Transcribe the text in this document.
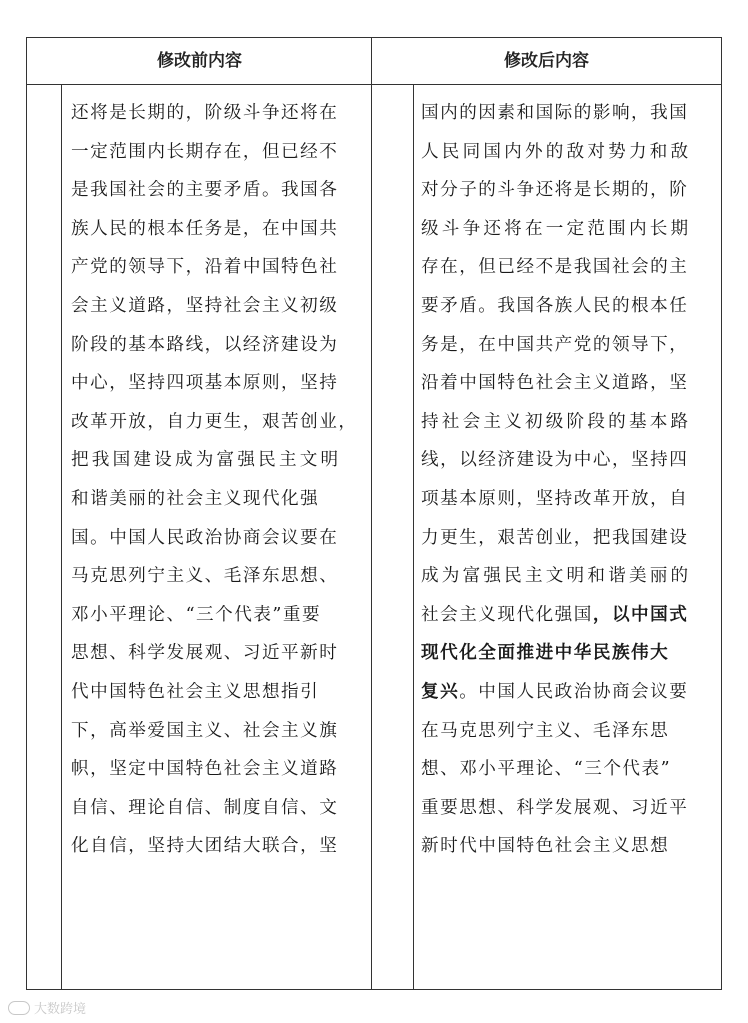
修改前内容	修改后内容
还将是长期的，阶级斗争还将在
一定范围内长期存在，但已经不
是我国社会的主要矛盾。我国各
族人民的根本任务是，在中国共
产党的领导下，沿着中国特色社
会主义道路，坚持社会主义初级
阶段的基本路线，以经济建设为
中心，坚持四项基本原则，坚持
改革开放，自力更生，艰苦创业，
把我国建设成为富强民主文明
和谐美丽的社会主义现代化强
国。中国人民政治协商会议要在
马克思列宁主义、毛泽东思想、
邓小平理论、“三个代表”重要
思想、科学发展观、习近平新时
代中国特色社会主义思想指引
下，高举爱国主义、社会主义旗
帜，坚定中国特色社会主义道路
自信、理论自信、制度自信、文
化自信，坚持大团结大联合，坚
国内的因素和国际的影响，我国
人民同国内外的敌对势力和敌
对分子的斗争还将是长期的，阶
级斗争还将在一定范围内长期
存在，但已经不是我国社会的主
要矛盾。我国各族人民的根本任
务是，在中国共产党的领导下，
沿着中国特色社会主义道路，坚
持社会主义初级阶段的基本路
线，以经济建设为中心，坚持四
项基本原则，坚持改革开放，自
力更生，艰苦创业，把我国建设
成为富强民主文明和谐美丽的
社会主义现代化强国，以中国式
现代化全面推进中华民族伟大
复兴。中国人民政治协商会议要
在马克思列宁主义、毛泽东思
想、邓小平理论、“三个代表”
重要思想、科学发展观、习近平
新时代中国特色社会主义思想
大数跨境
